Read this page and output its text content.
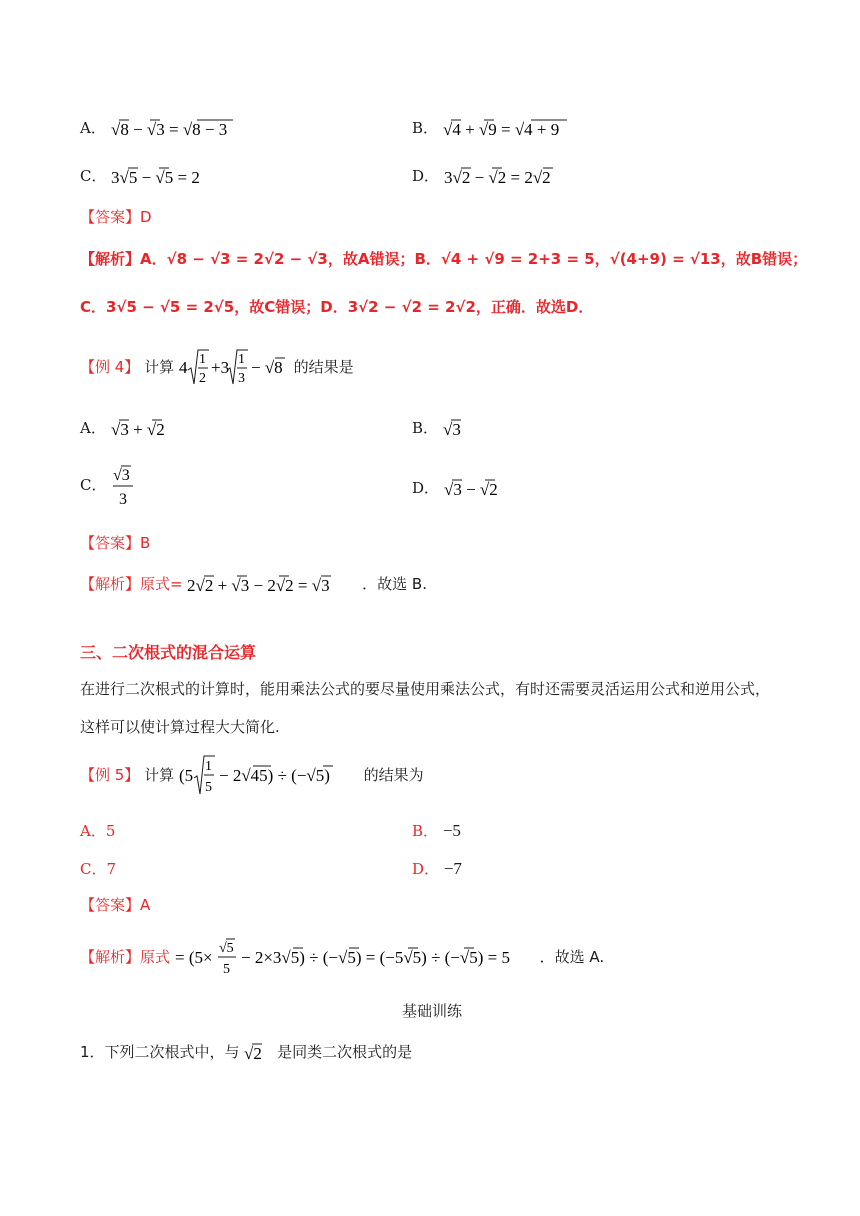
A． √8 − √3 = √8 − 3	B． √4 + √9 = √4 + 9
C． 3√5 − √5 = 2	D． 3√2 − √2 = 2√2
【答案】D
【解析】A．√8 − √3 = 2√2 − √3，故A错误；B．√4 + √9 = 2+3 = 5，√(4+9) = √13，故B错误；
C．3√5 − √5 = 2√5，故C错误；D．3√2 − √2 = 2√2，正确．故选D．
【例 4】 计算 4 1
2
+3 1
3
− √8 的结果是
A． √3 + √2	B． √3
C．
√3
3
D． √3 − √2
【答案】B
【解析】原式= 2√2 + √3 − 2√2 = √3 ．故选 B.
三、二次根式的混合运算
在进行二次根式的计算时，能用乘法公式的要尽量使用乘法公式，有时还需要灵活运用公式和逆用公式，
这样可以使计算过程大大简化.
【例 5】 计算 (5 1
5
− 2√45) ÷ (−√5) 的结果为
A．5	B． −5
C．7	D． −7
【答案】A
【解析】原式 = (5× √5
5
− 2×3√5) ÷ (−√5) = (−5√5) ÷ (−√5) = 5 ．故选 A.
基础训练
1．下列二次根式中，与 √2 是同类二次根式的是
